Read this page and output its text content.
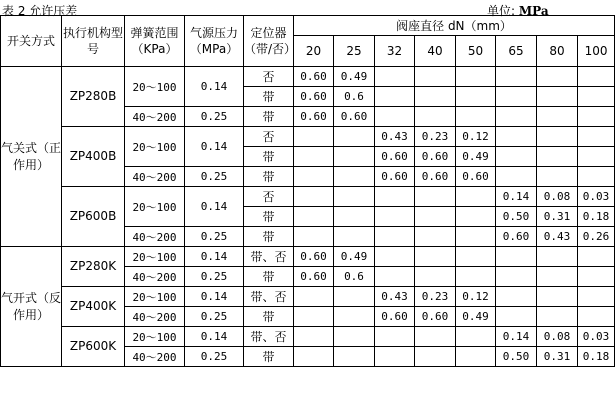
表 2 允许压差	单位: MPa
开关方式	执行机构型号	弹簧范围（KPa）	气源压力（MPa）	定位器（带/否）	阀座直径 dN（mm）							
					20	25	32	40	50	65	80	100
气关式（正作用）	ZP280B	20～100	0.14	否	0.60	0.49						
				带	0.60	0.6						
		40～200	0.25	带	0.60	0.60						
	ZP400B	20～100	0.14	否			0.43	0.23	0.12			
				带			0.60	0.60	0.49			
		40～200	0.25	带			0.60	0.60	0.60			
	ZP600B	20～100	0.14	否						0.14	0.08	0.03
				带						0.50	0.31	0.18
		40～200	0.25	带						0.60	0.43	0.26
气开式（反作用）	ZP280K	20～100	0.14	带、否	0.60	0.49						
		40～200	0.25	带	0.60	0.6						
	ZP400K	20～100	0.14	带、否			0.43	0.23	0.12			
		40～200	0.25	带			0.60	0.60	0.49			
	ZP600K	20～100	0.14	带、否						0.14	0.08	0.03
		40～200	0.25	带						0.50	0.31	0.18
